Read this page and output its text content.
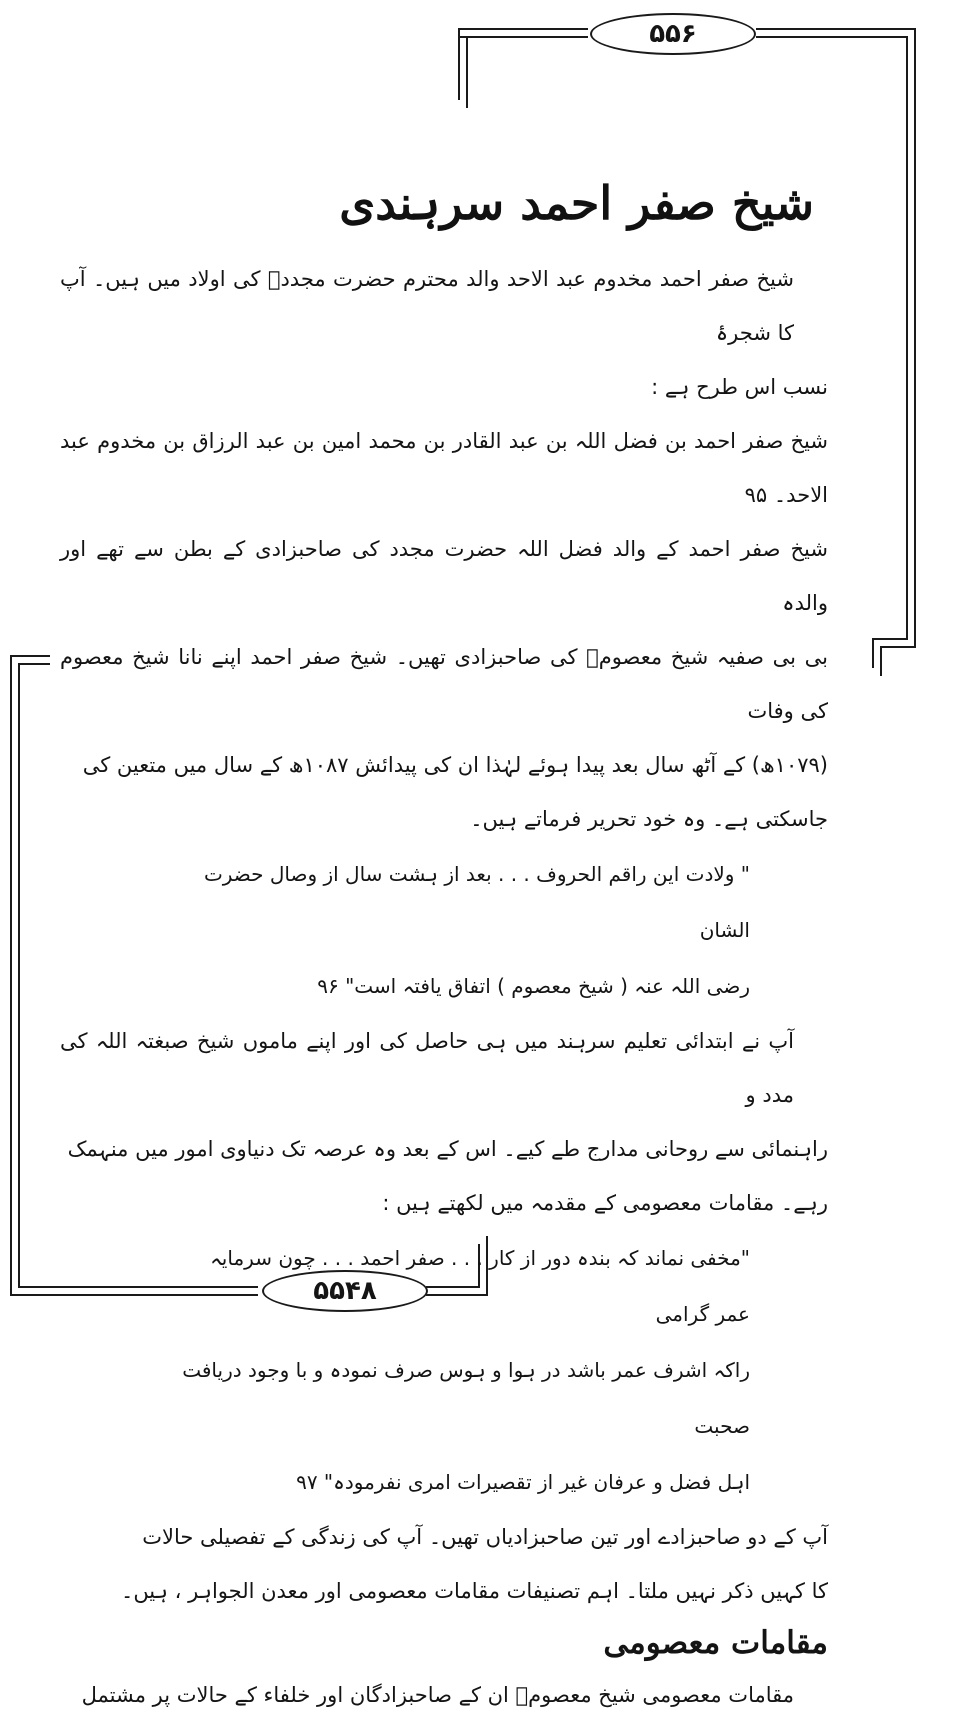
۵۵۶
۵۵۴۸
شیخ صفر احمد سرہندی

شیخ صفر احمد مخدوم عبد الاحد والد محترم حضرت مجددؒ کی اولاد میں ہیں۔ آپ کا شجرۂ
نسب اس طرح ہے :

شیخ صفر احمد بن فضل اللہ بن عبد القادر بن محمد امین بن عبد الرزاق بن مخدوم عبد الاحد۔ ۹۵
شیخ صفر احمد کے والد فضل اللہ حضرت مجدد کی صاحبزادی کے بطن سے تھے اور والدہ
بی بی صفیہ شیخ معصومؒ کی صاحبزادی تھیں۔ شیخ صفر احمد اپنے نانا شیخ معصوم کی وفات
(۱۰۷۹ھ) کے آٹھ سال بعد پیدا ہوئے لہٰذا ان کی پیدائش ۱۰۸۷ھ کے سال میں متعین کی
جاسکتی ہے۔ وہ خود تحریر فرماتے ہیں۔

" ولادت این راقم الحروف . . . بعد از ہشت سال از وصال حضرت الشان
رضی اللہ عنہ ( شیخ معصوم ) اتفاق یافتہ است" ۹۶

آپ نے ابتدائی تعلیم سرہند میں ہی حاصل کی اور اپنے ماموں شیخ صبغتہ اللہ کی مدد و
راہنمائی سے روحانی مدارج طے کیے۔ اس کے بعد وہ عرصہ تک دنیاوی امور میں منہمک
رہے۔ مقامات معصومی کے مقدمہ میں لکھتے ہیں :

"مخفی نماند کہ بندہ دور از کار . . . صفر احمد . . . چون سرمایہ عمر گرامی
راکہ اشرف عمر باشد در ہوا و ہوس صرف نمودہ و با وجود دریافت صحبت
اہل فضل و عرفان غیر از تقصیرات امری نفرمودہ" ۹۷

آپ کے دو صاحبزادے اور تین صاحبزادیاں تھیں۔ آپ کی زندگی کے تفصیلی حالات
کا کہیں ذکر نہیں ملتا۔ اہم تصنیفات مقامات معصومی اور معدن الجواہر ، ہیں۔

مقامات معصومی

مقامات معصومی شیخ معصومؒ ان کے صاحبزادگان اور خلفاء کے حالات پر مشتمل
